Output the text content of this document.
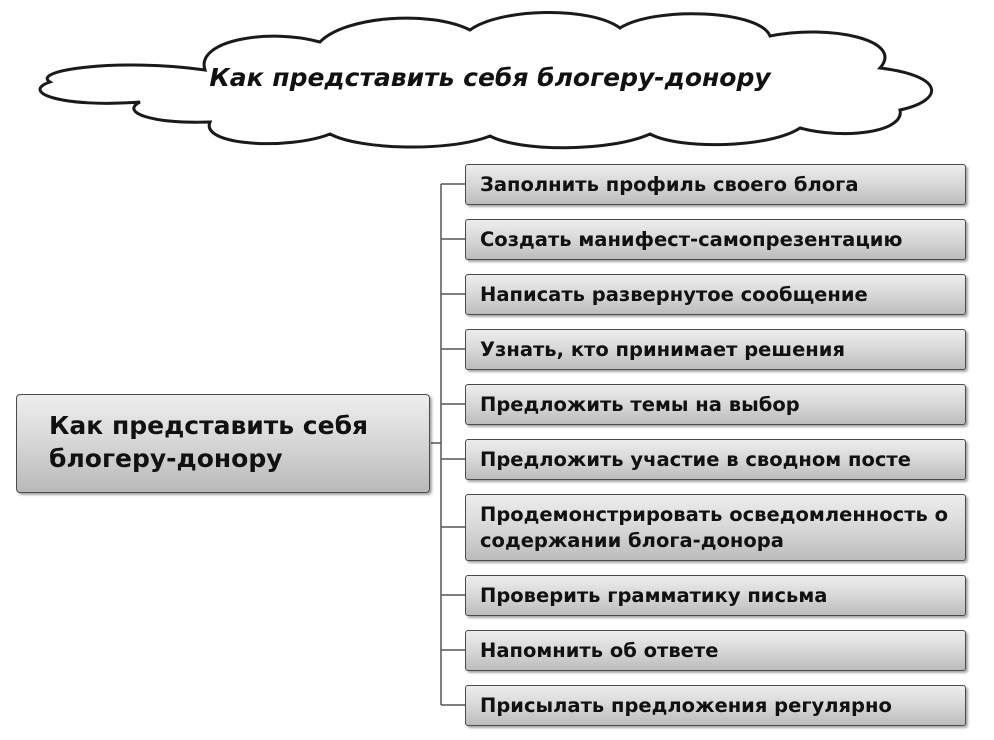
Как представить себя блогеру-донору
Как представить себя блогеру-донору
Заполнить профиль своего блога
Создать манифест-самопрезентацию
Написать развернутое сообщение
Узнать, кто принимает решения
Предложить темы на выбор
Предложить участие в сводном посте
Продемонстрировать осведомленность о содержании блога-донора
Проверить грамматику письма
Напомнить об ответе
Присылать предложения регулярно
